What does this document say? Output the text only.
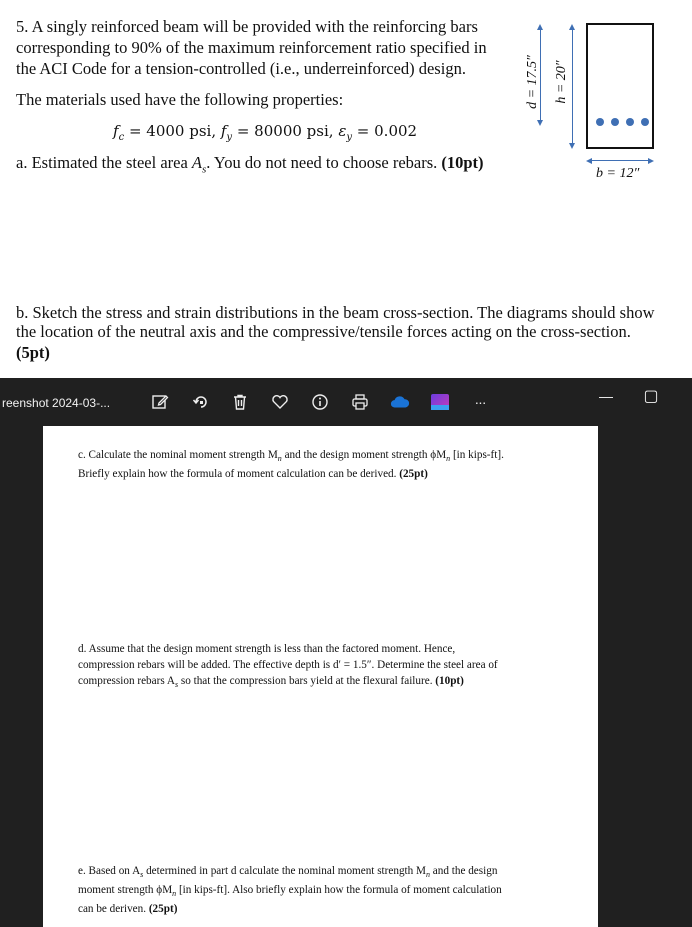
5. A singly reinforced beam will be provided with the reinforcing bars

corresponding to 90% of the maximum reinforcement ratio specified in

the ACI Code for a tension-controlled (i.e., underreinforced) design.

The materials used have the following properties:

$f_c = 4000$ psi, $f_y = 80000$ psi, $\varepsilon_y = 0.002$

a. Estimated the steel area $A_s$. You do not need to choose rebars. (10pt)

d = 17.5″ h = 20″
b = 12″

b. Sketch the stress and strain distributions in the beam cross-section. The diagrams should show

the location of the neutral axis and the compressive/tensile forces acting on the cross-section.

(5pt)

reenshot 2024-03-...	···	— ▢

c. Calculate the nominal moment strength $M_n$ and the design moment strength $\phi M_n$ [in kips-ft].
Briefly explain how the formula of moment calculation can be derived. (25pt)

d. Assume that the design moment strength is less than the factored moment. Hence,
compression rebars will be added. The effective depth is d′ = 1.5″. Determine the steel area of
compression rebars $A_s$ so that the compression bars yield at the flexural failure. (10pt)

e. Based on $A_s$ determined in part d calculate the nominal moment strength $M_n$ and the design
moment strength $\phi M_n$ [in kips-ft]. Also briefly explain how the formula of moment calculation
can be deriven. (25pt)
